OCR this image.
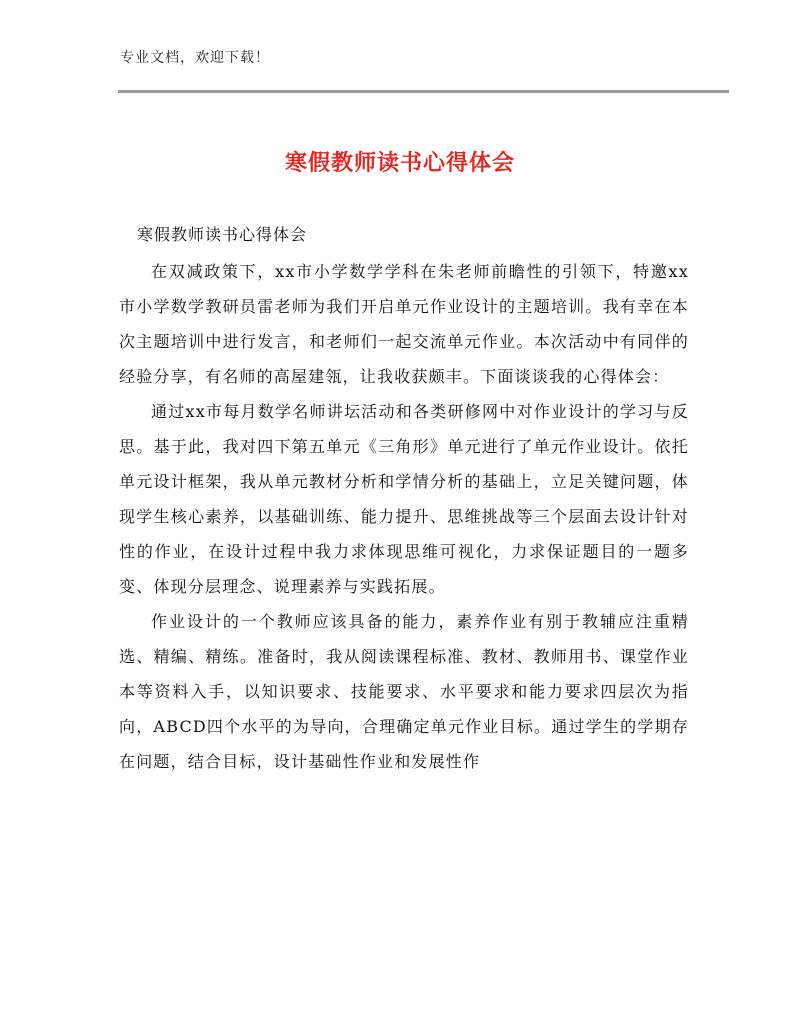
专业文档，欢迎下载！
寒假教师读书心得体会
寒假教师读书心得体会

在双减政策下，xx市小学数学学科在朱老师前瞻性的引领下，特邀xx市小学数学教研员雷老师为我们开启单元作业设计的主题培训。我有幸在本次主题培训中进行发言，和老师们一起交流单元作业。本次活动中有同伴的经验分享，有名师的高屋建瓴，让我收获颇丰。下面谈谈我的心得体会：

通过xx市每月数学名师讲坛活动和各类研修网中对作业设计的学习与反思。基于此，我对四下第五单元《三角形》单元进行了单元作业设计。依托单元设计框架，我从单元教材分析和学情分析的基础上，立足关键问题，体现学生核心素养，以基础训练、能力提升、思维挑战等三个层面去设计针对性的作业，在设计过程中我力求体现思维可视化，力求保证题目的一题多变、体现分层理念、说理素养与实践拓展。

作业设计的一个教师应该具备的能力，素养作业有别于教辅应注重精选、精编、精练。准备时，我从阅读课程标准、教材、教师用书、课堂作业本等资料入手，以知识要求、技能要求、水平要求和能力要求四层次为指向，ABCD四个水平的为导向，合理确定单元作业目标。通过学生的学期存在问题，结合目标，设计基础性作业和发展性作
